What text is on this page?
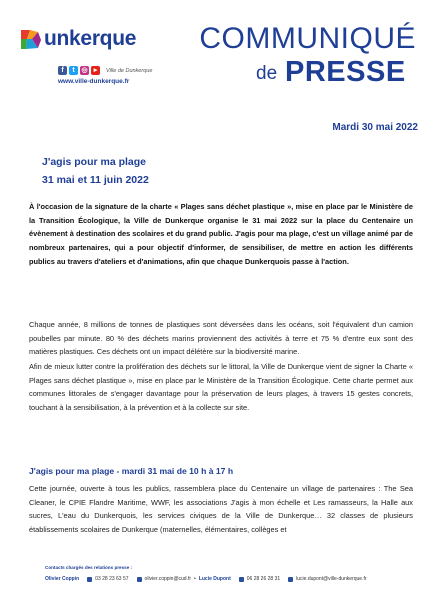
unkerque
f	t ◎ ▸	Ville de Dunkerque
www.ville-dunkerque.fr
COMMUNIQUÉ
de PRESSE
Mardi 30 mai 2022
J'agis pour ma plage
31 mai et 11 juin 2022

À l'occasion de la signature de la charte « Plages sans déchet plastique », mise en place par le Ministère de la Transition Écologique, la Ville de Dunkerque organise le 31 mai 2022 sur la place du Centenaire un évènement à destination des scolaires et du grand public. J'agis pour ma plage, c'est un village animé par de nombreux partenaires, qui a pour objectif d'informer, de sensibiliser, de mettre en action les différents publics au travers d'ateliers et d'animations, afin que chaque Dunkerquois passe à l'action.

Chaque année, 8 millions de tonnes de plastiques sont déversées dans les océans, soit l'équivalent d'un camion poubelles par minute. 80 % des déchets marins proviennent des activités à terre et 75 % d'entre eux sont des matières plastiques. Ces déchets ont un impact délétère sur la biodiversité marine.

Afin de mieux lutter contre la prolifération des déchets sur le littoral, la Ville de Dunkerque vient de signer la Charte « Plages sans déchet plastique », mise en place par le Ministère de la Transition Écologique. Cette charte permet aux communes littorales de s'engager davantage pour la préservation de leurs plages, à travers 15 gestes concrets, touchant à la sensibilisation, à la prévention et à la collecte sur site.

J'agis pour ma plage - mardi 31 mai de 10 h à 17 h

Cette journée, ouverte à tous les publics, rassemblera place du Centenaire un village de partenaires : The Sea Cleaner, le CPIE Flandre Maritime, WWF, les associations J'agis à mon échelle et Les ramasseurs, la Halle aux sucres, L'eau du Dunkerquois, les services civiques de la Ville de Dunkerque… 32 classes de plusieurs établissements scolaires de Dunkerque (maternelles, élémentaires, collèges et

Contacts chargés des relations presse :
Olivier Coppin	03 28 23 63 57	olivier.coppin@cud.fr • Lucie Dupont	06 28 26 28 31	lucie.dupont@ville-dunkerque.fr
